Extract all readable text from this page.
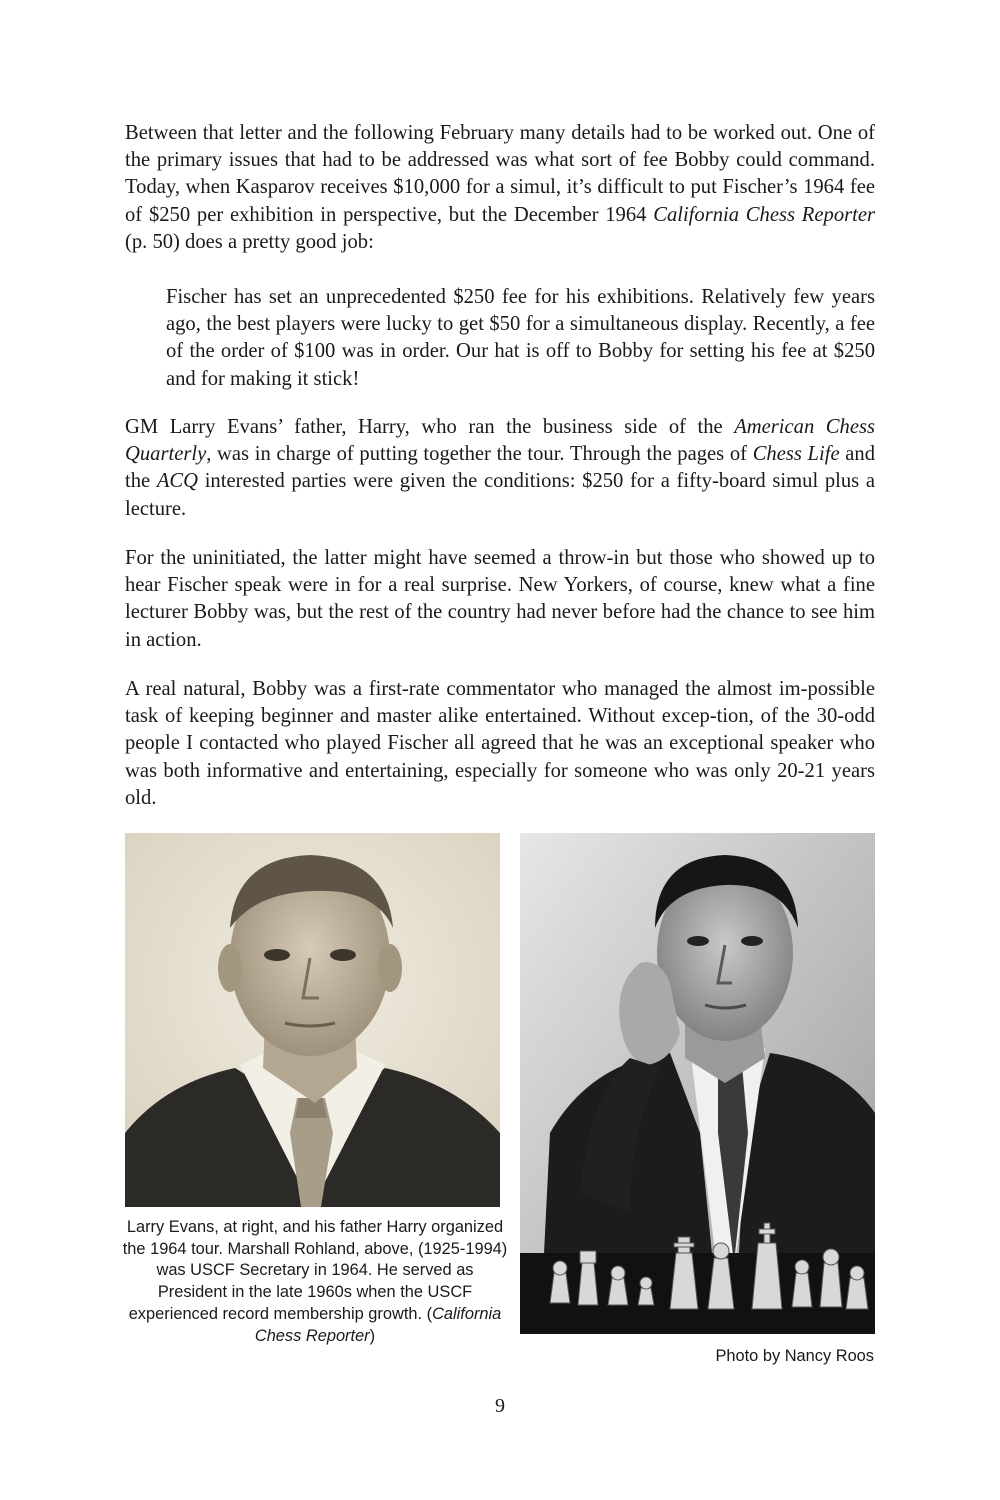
Between that letter and the following February many details had to be worked out. One of the primary issues that had to be addressed was what sort of fee Bobby could command. Today, when Kasparov receives $10,000 for a simul, it’s difficult to put Fischer’s 1964 fee of $250 per exhibition in perspective, but the December 1964 California Chess Reporter (p. 50) does a pretty good job:

Fischer has set an unprecedented $250 fee for his exhibitions. Relatively few years ago, the best players were lucky to get $50 for a simultaneous display. Recently, a fee of the order of $100 was in order. Our hat is off to Bobby for setting his fee at $250 and for making it stick!

GM Larry Evans’ father, Harry, who ran the business side of the American Chess Quarterly, was in charge of putting together the tour. Through the pages of Chess Life and the ACQ interested parties were given the conditions: $250 for a fifty-board simul plus a lecture.

For the uninitiated, the latter might have seemed a throw-in but those who showed up to hear Fischer speak were in for a real surprise. New Yorkers, of course, knew what a fine lecturer Bobby was, but the rest of the country had never before had the chance to see him in action.

A real natural, Bobby was a first-rate commentator who managed the almost im-possible task of keeping beginner and master alike entertained. Without excep-tion, of the 30-odd people I contacted who played Fischer all agreed that he was an exceptional speaker who was both informative and entertaining, especially for someone who was only 20-21 years old.

Larry Evans, at right, and his father Harry organized the 1964 tour. Marshall Rohland, above, (1925-1994) was USCF Secretary in 1964. He served as President in the late 1960s when the USCF experienced record membership growth. (California Chess Reporter)

Photo by Nancy Roos

9
